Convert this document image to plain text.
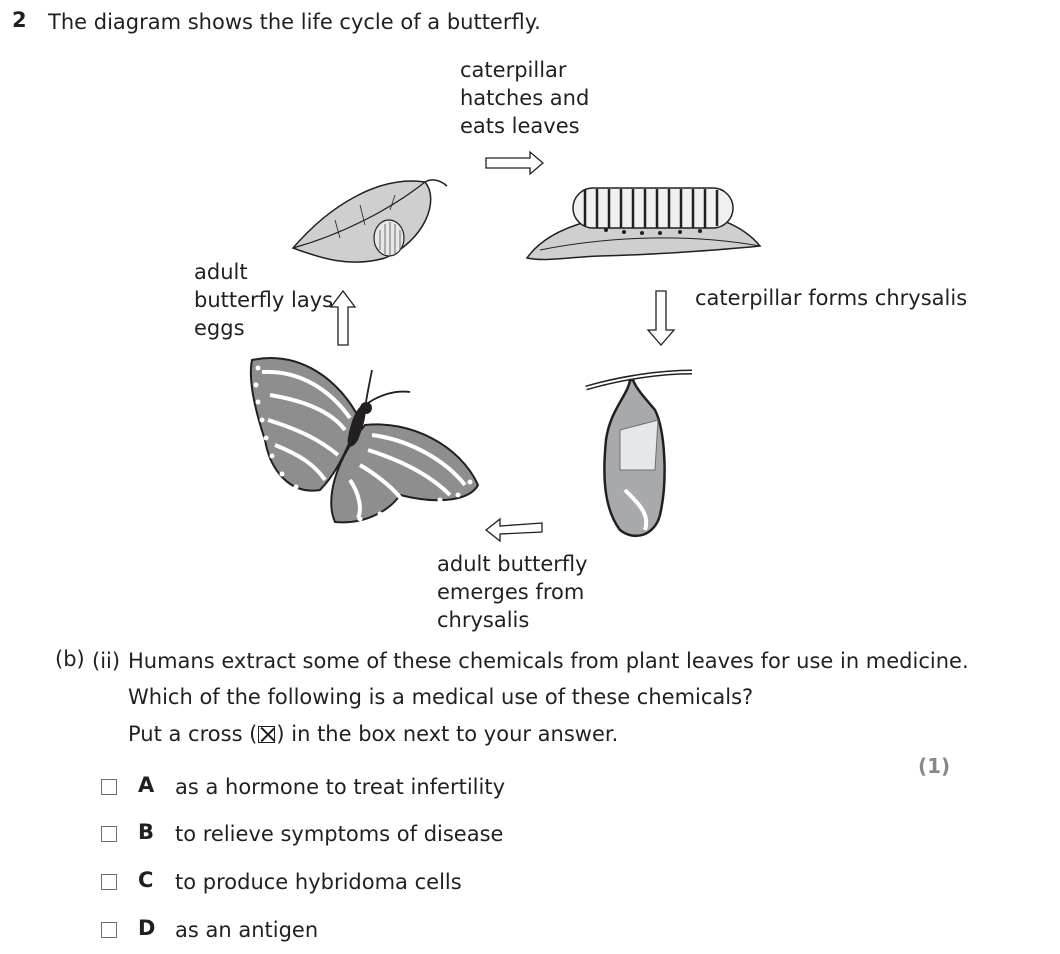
2 The diagram shows the life cycle of a butterfly.
caterpillar
hatches and
eats leaves
caterpillar forms chrysalis
adult butterfly
emerges from
chrysalis
adult
butterfly lays
eggs
(b) (ii) Humans extract some of these chemicals from plant leaves for use in medicine.
Which of the following is a medical use of these chemicals?
Put a cross (☒) in the box next to your answer.
(1)
A as a hormone to treat infertility
B to relieve symptoms of disease
C to produce hybridoma cells
D as an antigen
